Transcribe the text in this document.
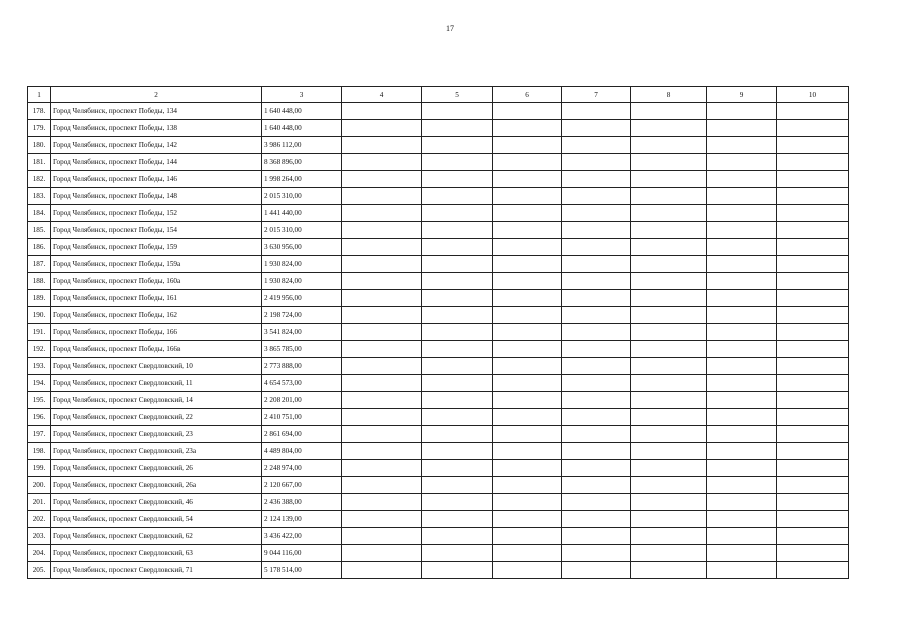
17
1	2	3	4	5	6	7	8	9	10
178.	Город Челябинск, проспект Победы, 134	1 640 448,00							
179.	Город Челябинск, проспект Победы, 138	1 640 448,00							
180.	Город Челябинск, проспект Победы, 142	3 986 112,00							
181.	Город Челябинск, проспект Победы, 144	8 368 896,00							
182.	Город Челябинск, проспект Победы, 146	1 998 264,00							
183.	Город Челябинск, проспект Победы, 148	2 015 310,00							
184.	Город Челябинск, проспект Победы, 152	1 441 440,00							
185.	Город Челябинск, проспект Победы, 154	2 015 310,00							
186.	Город Челябинск, проспект Победы, 159	3 630 956,00							
187.	Город Челябинск, проспект Победы, 159а	1 930 824,00							
188.	Город Челябинск, проспект Победы, 160а	1 930 824,00							
189.	Город Челябинск, проспект Победы, 161	2 419 956,00							
190.	Город Челябинск, проспект Победы, 162	2 198 724,00							
191.	Город Челябинск, проспект Победы, 166	3 541 824,00							
192.	Город Челябинск, проспект Победы, 166в	3 865 785,00							
193.	Город Челябинск, проспект Свердловский, 10	2 773 888,00							
194.	Город Челябинск, проспект Свердловский, 11	4 654 573,00							
195.	Город Челябинск, проспект Свердловский, 14	2 208 201,00							
196.	Город Челябинск, проспект Свердловский, 22	2 410 751,00							
197.	Город Челябинск, проспект Свердловский, 23	2 861 694,00							
198.	Город Челябинск, проспект Свердловский, 23а	4 489 804,00							
199.	Город Челябинск, проспект Свердловский, 26	2 248 974,00							
200.	Город Челябинск, проспект Свердловский, 26а	2 120 667,00							
201.	Город Челябинск, проспект Свердловский, 46	2 436 388,00							
202.	Город Челябинск, проспект Свердловский, 54	2 124 139,00							
203.	Город Челябинск, проспект Свердловский, 62	3 436 422,00							
204.	Город Челябинск, проспект Свердловский, 63	9 044 116,00							
205.	Город Челябинск, проспект Свердловский, 71	5 178 514,00							
